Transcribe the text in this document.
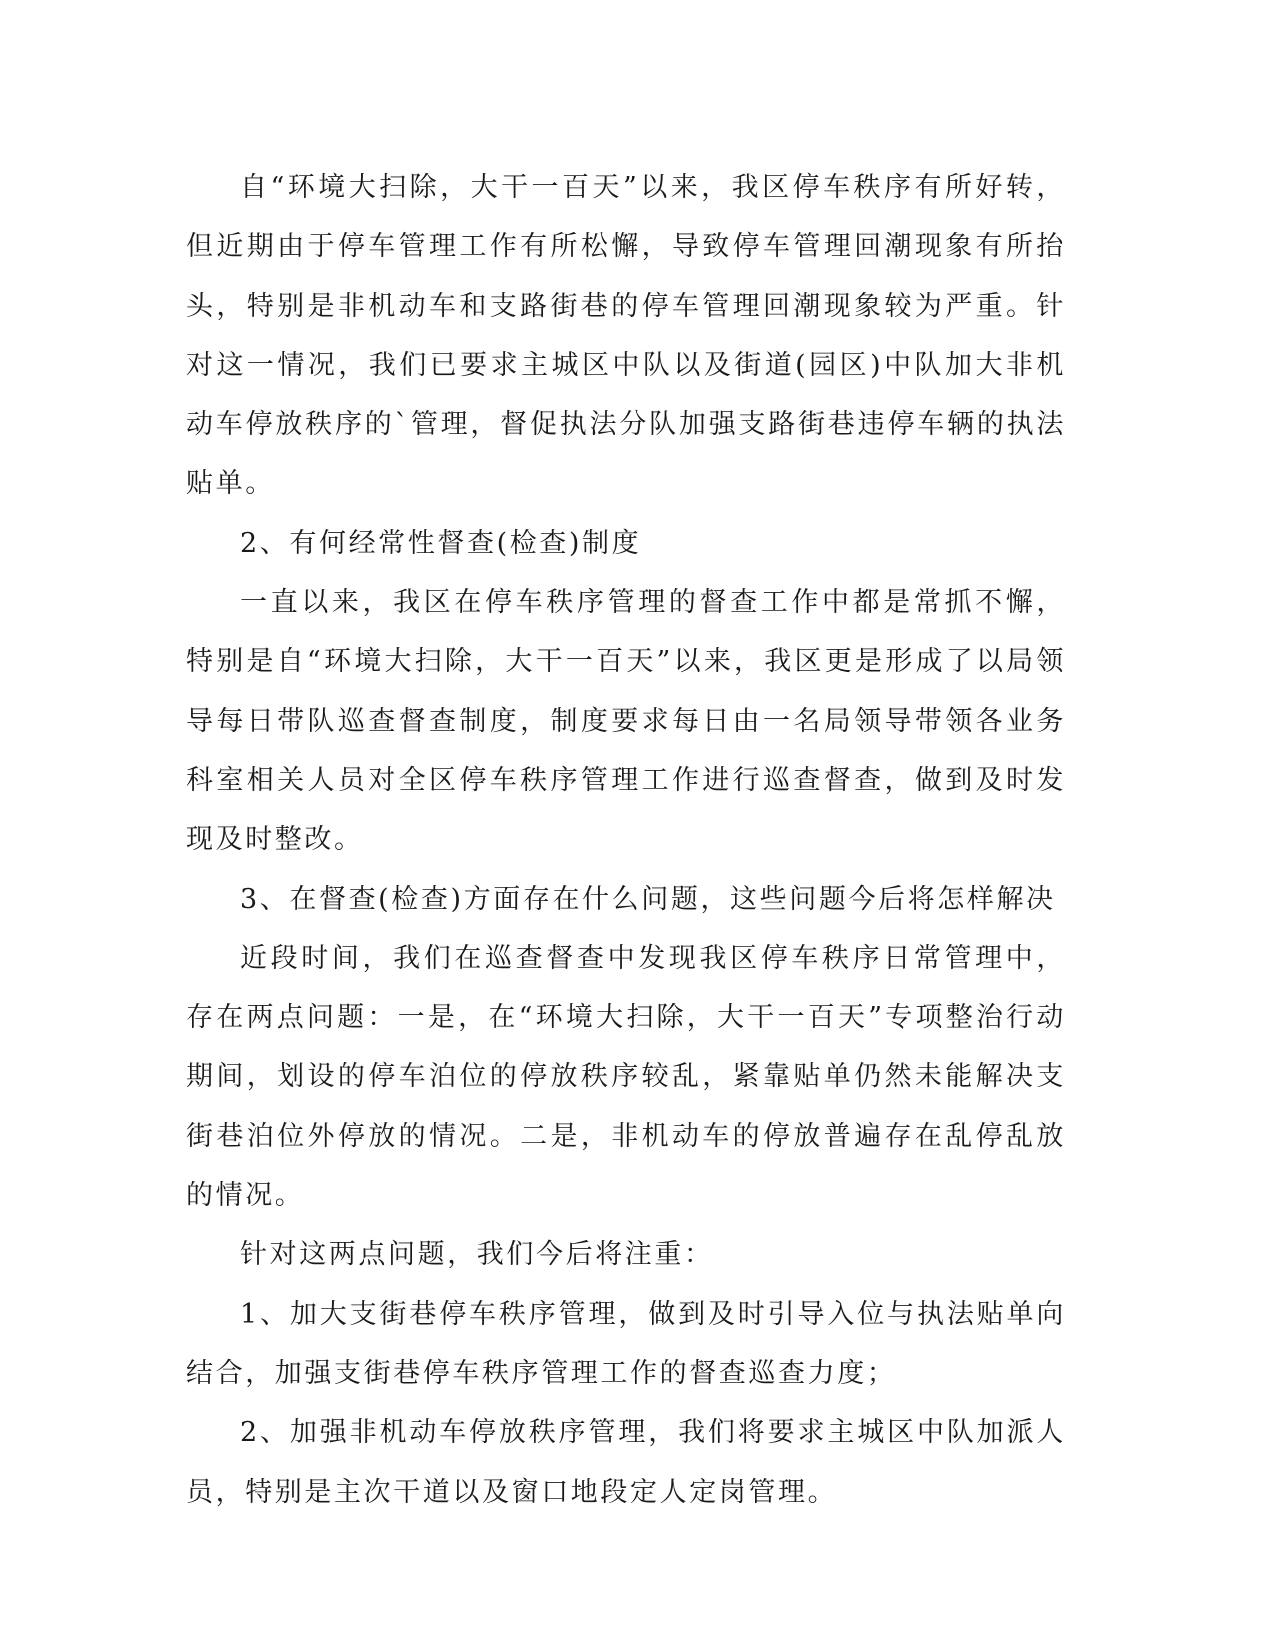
自“环境大扫除，大干一百天”以来，我区停车秩序有所好转，但近期由于停车管理工作有所松懈，导致停车管理回潮现象有所抬头，特别是非机动车和支路街巷的停车管理回潮现象较为严重。针对这一情况，我们已要求主城区中队以及街道(园区)中队加大非机动车停放秩序的`管理，督促执法分队加强支路街巷违停车辆的执法贴单。

2、有何经常性督查(检查)制度

一直以来，我区在停车秩序管理的督查工作中都是常抓不懈，特别是自“环境大扫除，大干一百天”以来，我区更是形成了以局领导每日带队巡查督查制度，制度要求每日由一名局领导带领各业务科室相关人员对全区停车秩序管理工作进行巡查督查，做到及时发现及时整改。

3、在督查(检查)方面存在什么问题，这些问题今后将怎样解决

近段时间，我们在巡查督查中发现我区停车秩序日常管理中，存在两点问题：一是，在“环境大扫除，大干一百天”专项整治行动期间，划设的停车泊位的停放秩序较乱，紧靠贴单仍然未能解决支街巷泊位外停放的情况。二是，非机动车的停放普遍存在乱停乱放的情况。

针对这两点问题，我们今后将注重：

1、加大支街巷停车秩序管理，做到及时引导入位与执法贴单向结合，加强支街巷停车秩序管理工作的督查巡查力度；

2、加强非机动车停放秩序管理，我们将要求主城区中队加派人员，特别是主次干道以及窗口地段定人定岗管理。
